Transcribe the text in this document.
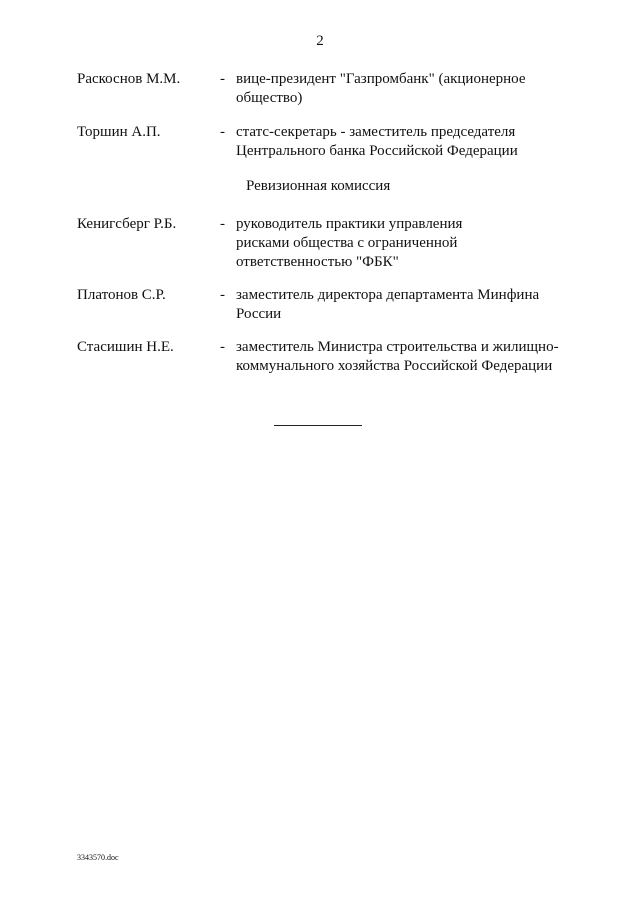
2
Раскоснов М.М.	- вице-президент "Газпромбанк" (акционерное
общество)
Торшин А.П.	- статс-секретарь - заместитель председателя
Центрального банка Российской Федерации
Ревизионная комиссия
Кенигсберг Р.Б.	- руководитель практики управления
рисками общества с ограниченной
ответственностью "ФБК"
Платонов С.Р.	- заместитель директора департамента Минфина
России
Стасишин Н.Е.	- заместитель Министра строительства и жилищно-
коммунального хозяйства Российской Федерации
3343570.doc
